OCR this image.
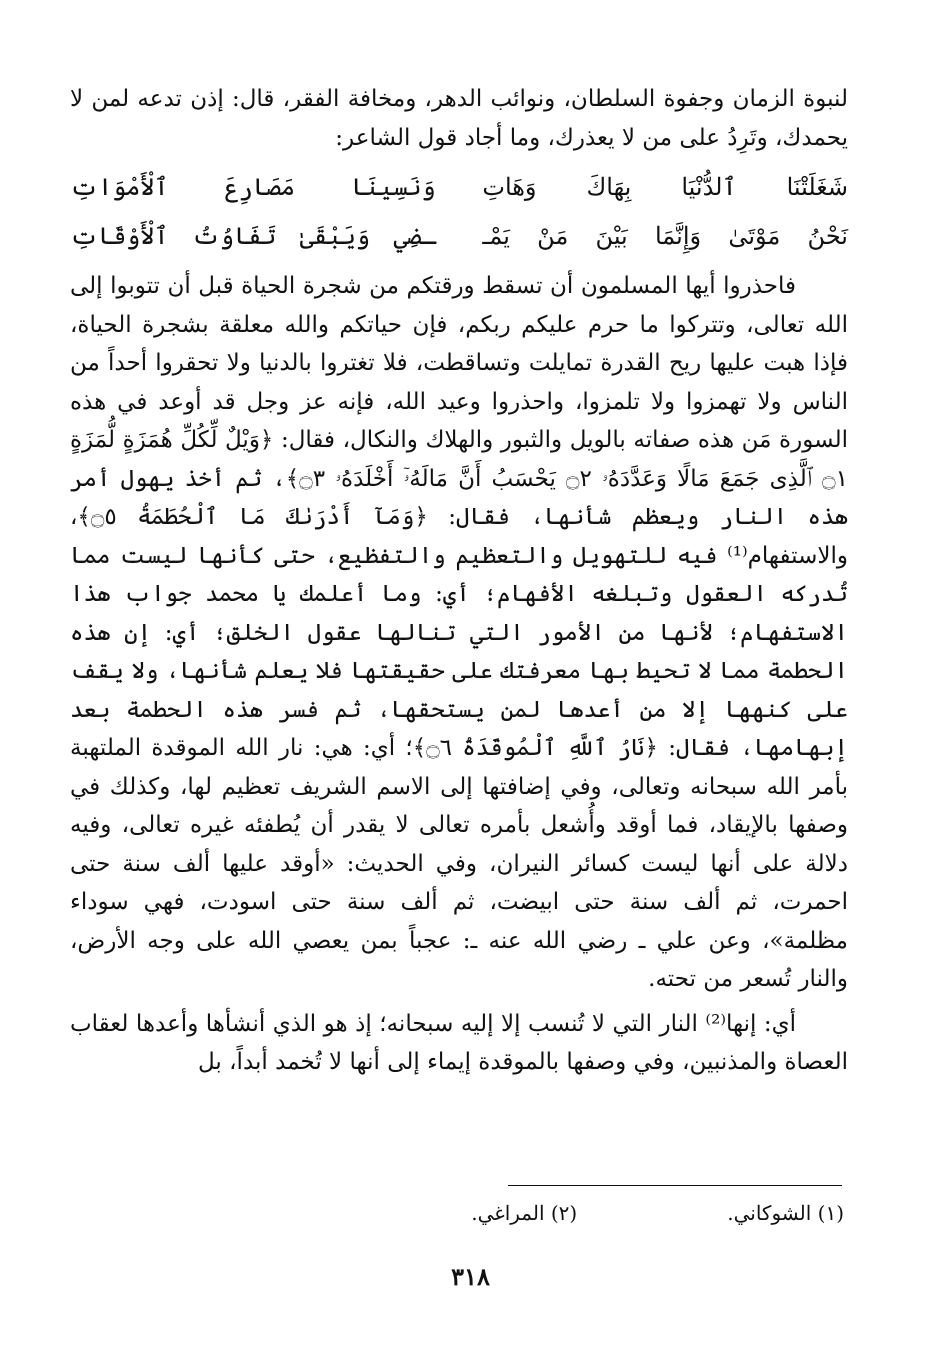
لنبوة الزمان وجفوة السلطان، ونوائب الدهر، ومخافة الفقر، قال: إذن تدعه لمن لا يحمدك، وتَرِدُ على من لا يعذرك، وما أجاد قول الشاعر:

شَغَلَتْنَا ٱلدُّنْيَا بِهَاكَ وَهَاتِ
وَنَسِينَا مَصَارِعَ ٱلْأَمْوَاتِ
نَحْنُ مَوْتَىٰ وَإِنَّمَا بَيْنَ مَنْ يَمْـ
ـضِي وَيَبْقَىٰ تَفَاوُتُ ٱلْأَوْقَاتِ

فاحذروا أيها المسلمون أن تسقط ورقتكم من شجرة الحياة قبل أن تتوبوا إلى الله تعالى، وتتركوا ما حرم عليكم ربكم، فإن حياتكم والله معلقة بشجرة الحياة، فإذا هبت عليها ريح القدرة تمايلت وتساقطت، فلا تغتروا بالدنيا ولا تحقروا أحداً من الناس ولا تهمزوا ولا تلمزوا، واحذروا وعيد الله، فإنه عز وجل قد أوعد في هذه السورة مَن هذه صفاته بالويل والثبور والهلاك والنكال، فقال: ﴿وَيْلٌ لِّكُلِّ هُمَزَةٍ لُّمَزَةٍ ۝١ ٱلَّذِى جَمَعَ مَالًا وَعَدَّدَهُۥ ۝٢ يَحْسَبُ أَنَّ مَالَهُۥٓ أَخْلَدَهُۥ ۝٣﴾، ثم أخذ يهول أمر هذه النار ويعظم شأنها، فقال: ﴿وَمَآ أَدْرَىٰكَ مَا ٱلْحُطَمَةُ ۝٥﴾، والاستفهام⁽¹⁾ فيه للتهويل والتعظيم والتفظيع، حتى كأنها ليست مما تُدركه العقول وتبلغه الأفهام؛ أي: وما أعلمك يا محمد جواب هذا الاستفهام؛ لأنها من الأمور التي تنالها عقول الخلق؛ أي: إن هذه الحطمة مما لا تحيط بها معرفتك على حقيقتها فلا يعلم شأنها، ولا يقف على كنهها إلا من أعدها لمن يستحقها، ثم فسر هذه الحطمة بعد إبهامها، فقال: ﴿نَارُ ٱللَّهِ ٱلْمُوقَدَةُ ۝٦﴾؛ أي: هي: نار الله الموقدة الملتهبة بأمر الله سبحانه وتعالى، وفي إضافتها إلى الاسم الشريف تعظيم لها، وكذلك في وصفها بالإيقاد، فما أوقد وأُشعل بأمره تعالى لا يقدر أن يُطفئه غيره تعالى، وفيه دلالة على أنها ليست كسائر النيران، وفي الحديث: «أوقد عليها ألف سنة حتى احمرت، ثم ألف سنة حتى ابيضت، ثم ألف سنة حتى اسودت، فهي سوداء مظلمة»، وعن علي ـ رضي الله عنه ـ: عجباً بمن يعصي الله على وجه الأرض، والنار تُسعر من تحته.

أي: إنها⁽²⁾ النار التي لا تُنسب إلا إليه سبحانه؛ إذ هو الذي أنشأها وأعدها لعقاب العصاة والمذنبين، وفي وصفها بالموقدة إيماء إلى أنها لا تُخمد أبداً، بل

(١) الشوكاني.
(٢) المراغي.
٣١٨
